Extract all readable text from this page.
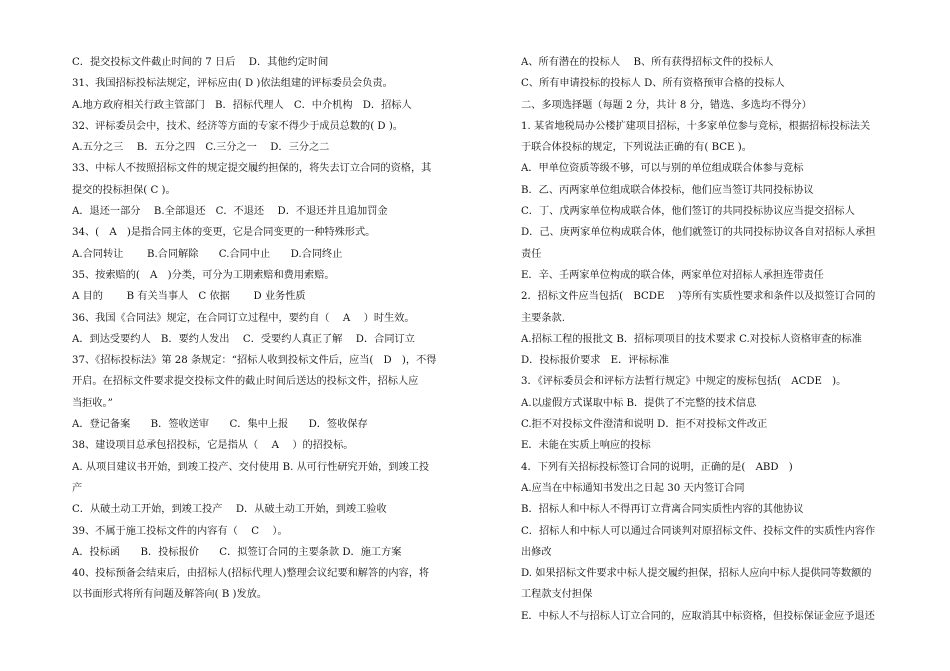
C．提交投标文件截止时间的 7 日后　 D．其他约定时间
31、我国招标投标法规定，评标应由( D )依法组建的评标委员会负责。
A.地方政府相关行政主管部门　B．招标代理人　C．中介机构　D．招标人
32、评标委员会中，技术、经济等方面的专家不得少于成员总数的( D )。
A.五分之三　 B．五分之四　C.三分之一　 D．三分之二
33、中标人不按照招标文件的规定提交履约担保的，将失去订立合同的资格，其
提交的投标担保( C )。
A．退还一部分　 B.全部退还　C．不退还　 D．不退还并且追加罚金
34、(　A　)是指合同主体的变更，它是合同变更的一种特殊形式。
A.合同转让　　 B.合同解除　　C.合同中止　　D.合同终止
35、按索赔的(　A　)分类，可分为工期索赔和费用索赔。
A 目的　　 B 有关当事人　C 依据　　 D 业务性质
36、我国《合同法》规定，在合同订立过程中，要约自（　 A　 ）时生效。
A．到达受要约人　B．要约人发出　 C．受要约人真正了解　 D．合同订立
37、《招标投标法》第 28 条规定：“招标人收到投标文件后，应当(　D　)，不得
开启。在招标文件要求提交投标文件的截止时间后送达的投标文件，招标人应
当拒收。”
A．登记备案　　B．签收送审　　C．集中上报　　D．签收保存
38、建设项目总承包招投标，它是指从（　 A　 ）的招投标。
A. 从项目建议书开始，到竣工投产、交付使用 B. 从可行性研究开始，到竣工投
产
C．从破土动工开始，到竣工投产　 D．从破土动工开始，到竣工验收
39、不属于施工投标文件的内容有（　 C　 ）。
A．投标函　　B．投标报价　　C．拟签订合同的主要条款 D．施工方案
40、投标预备会结束后，由招标人(招标代理人)整理会议纪要和解答的内容，将
以书面形式将所有问题及解答向( B )发放。
A、所有潜在的投标人　 B、所有获得招标文件的投标人
C、所有申请投标的投标人 D、所有资格预审合格的投标人
二、多项选择题（每题 2 分，共计 8 分，错选、多选均不得分）
1. 某省地税局办公楼扩建项目招标，十多家单位参与竞标，根据招标投标法关
于联合体投标的规定，下列说法正确的有( BCE )。
A．甲单位资质等级不够，可以与别的单位组成联合体参与竞标
B．乙、丙两家单位组成联合体投标，他们应当签订共同投标协议
C．丁、戊两家单位构成联合体，他们签订的共同投标协议应当提交招标人
D．己、庚两家单位构成联合体，他们就签订的共同投标协议各自对招标人承担
责任
E．辛、壬两家单位构成的联合体，两家单位对招标人承担连带责任
2．招标文件应当包括(　BCDE　 )等所有实质性要求和条件以及拟签订合同的
主要条款.
A.招标工程的报批文 B．招标项项目的技术要求 C.对投标人资格审查的标准
D．投标报价要求　E．评标标准
3．《评标委员会和评标方法暂行规定》中规定的废标包括(　ACDE　)。
A.以虚假方式谋取中标 B．提供了不完整的技术信息
C.拒不对投标文件澄清和说明 D．拒不对投标文件改正
E．未能在实质上响应的投标
4．下列有关招标投标签订合同的说明，正确的是(　ABD　)
A.应当在中标通知书发出之日起 30 天内签订合同
B．招标人和中标人不得再订立背离合同实质性内容的其他协议
C．招标人和中标人可以通过合同谈判对原招标文件、投标文件的实质性内容作
出修改
D. 如果招标文件要求中标人提交履约担保，招标人应向中标人提供同等数额的
工程款支付担保
E．中标人不与招标人订立合同的，应取消其中标资格，但投标保证金应予退还
